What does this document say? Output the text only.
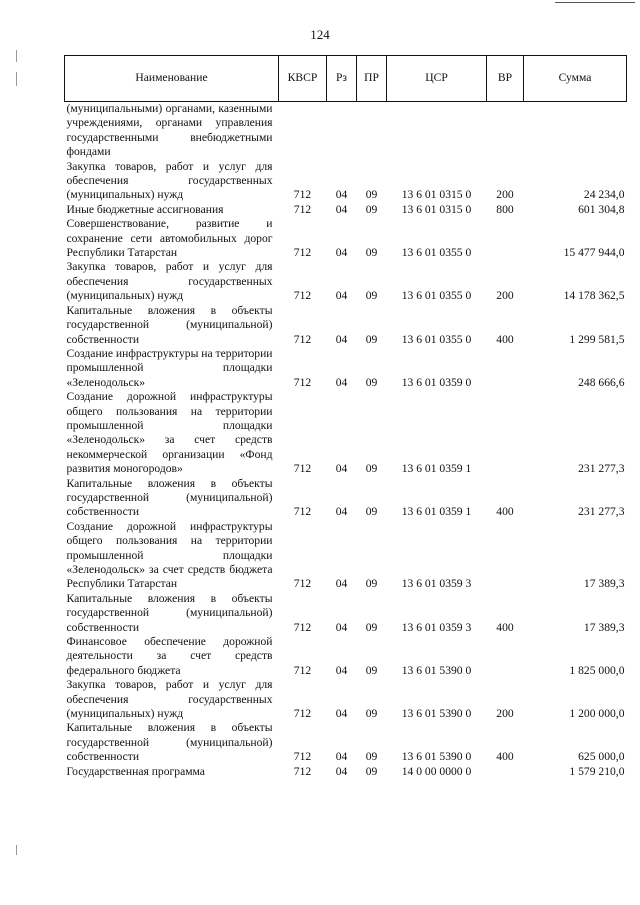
124
Наименование	КВСР	Рз	ПР	ЦСР	ВР	Сумма
(муниципальными) органами, казенными учреждениями, органами управления государственными внебюджетными фондами						
Закупка товаров, работ и услуг для обеспечения государственных (муниципальных) нужд	712	04	09	13 6 01 0315 0	200	24 234,0
Иные бюджетные ассигнования	712	04	09	13 6 01 0315 0	800	601 304,8
Совершенствование, развитие и сохранение сети автомобильных дорог Республики Татарстан	712	04	09	13 6 01 0355 0		15 477 944,0
Закупка товаров, работ и услуг для обеспечения государственных (муниципальных) нужд	712	04	09	13 6 01 0355 0	200	14 178 362,5
Капитальные вложения в объекты государственной (муниципальной) собственности	712	04	09	13 6 01 0355 0	400	1 299 581,5
Создание инфраструктуры на территории промышленной площадки «Зеленодольск»	712	04	09	13 6 01 0359 0		248 666,6
Создание дорожной инфраструктуры общего пользования на территории промышленной площадки «Зеленодольск» за счет средств некоммерческой организации «Фонд развития моногородов»	712	04	09	13 6 01 0359 1		231 277,3
Капитальные вложения в объекты государственной (муниципальной) собственности	712	04	09	13 6 01 0359 1	400	231 277,3
Создание дорожной инфраструктуры общего пользования на территории промышленной площадки «Зеленодольск» за счет средств бюджета Республики Татарстан	712	04	09	13 6 01 0359 3		17 389,3
Капитальные вложения в объекты государственной (муниципальной) собственности	712	04	09	13 6 01 0359 3	400	17 389,3
Финансовое обеспечение дорожной деятельности за счет средств федерального бюджета	712	04	09	13 6 01 5390 0		1 825 000,0
Закупка товаров, работ и услуг для обеспечения государственных (муниципальных) нужд	712	04	09	13 6 01 5390 0	200	1 200 000,0
Капитальные вложения в объекты государственной (муниципальной) собственности	712	04	09	13 6 01 5390 0	400	625 000,0
Государственная программа	712	04	09	14 0 00 0000 0		1 579 210,0
